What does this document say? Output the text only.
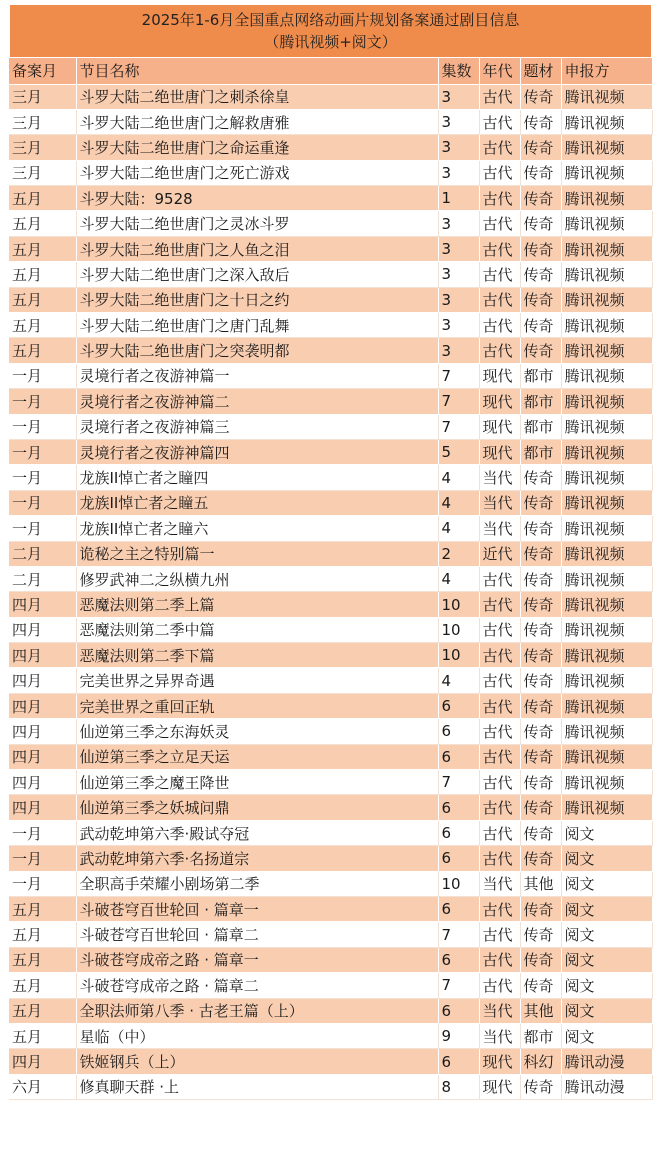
2025年1-6月全国重点网络动画片规划备案通过剧目信息
（腾讯视频+阅文）
备案月	节目名称	集数	年代	题材	申报方
三月	斗罗大陆二绝世唐门之刺杀徐皇	3	古代	传奇	腾讯视频
三月	斗罗大陆二绝世唐门之解救唐雅	3	古代	传奇	腾讯视频
三月	斗罗大陆二绝世唐门之命运重逢	3	古代	传奇	腾讯视频
三月	斗罗大陆二绝世唐门之死亡游戏	3	古代	传奇	腾讯视频
五月	斗罗大陆：9528	1	古代	传奇	腾讯视频
五月	斗罗大陆二绝世唐门之灵冰斗罗	3	古代	传奇	腾讯视频
五月	斗罗大陆二绝世唐门之人鱼之泪	3	古代	传奇	腾讯视频
五月	斗罗大陆二绝世唐门之深入敌后	3	古代	传奇	腾讯视频
五月	斗罗大陆二绝世唐门之十日之约	3	古代	传奇	腾讯视频
五月	斗罗大陆二绝世唐门之唐门乱舞	3	古代	传奇	腾讯视频
五月	斗罗大陆二绝世唐门之突袭明都	3	古代	传奇	腾讯视频
一月	灵境行者之夜游神篇一	7	现代	都市	腾讯视频
一月	灵境行者之夜游神篇二	7	现代	都市	腾讯视频
一月	灵境行者之夜游神篇三	7	现代	都市	腾讯视频
一月	灵境行者之夜游神篇四	5	现代	都市	腾讯视频
一月	龙族II悼亡者之瞳四	4	当代	传奇	腾讯视频
一月	龙族II悼亡者之瞳五	4	当代	传奇	腾讯视频
一月	龙族II悼亡者之瞳六	4	当代	传奇	腾讯视频
二月	诡秘之主之特别篇一	2	近代	传奇	腾讯视频
二月	修罗武神二之纵横九州	4	古代	传奇	腾讯视频
四月	恶魔法则第二季上篇	10	古代	传奇	腾讯视频
四月	恶魔法则第二季中篇	10	古代	传奇	腾讯视频
四月	恶魔法则第二季下篇	10	古代	传奇	腾讯视频
四月	完美世界之异界奇遇	4	古代	传奇	腾讯视频
四月	完美世界之重回正轨	6	古代	传奇	腾讯视频
四月	仙逆第三季之东海妖灵	6	古代	传奇	腾讯视频
四月	仙逆第三季之立足天运	6	古代	传奇	腾讯视频
四月	仙逆第三季之魔王降世	7	古代	传奇	腾讯视频
四月	仙逆第三季之妖城问鼎	6	古代	传奇	腾讯视频
一月	武动乾坤第六季·殿试夺冠	6	古代	传奇	阅文
一月	武动乾坤第六季·名扬道宗	6	古代	传奇	阅文
一月	全职高手荣耀小剧场第二季	10	当代	其他	阅文
五月	斗破苍穹百世轮回 · 篇章一	6	古代	传奇	阅文
五月	斗破苍穹百世轮回 · 篇章二	7	古代	传奇	阅文
五月	斗破苍穹成帝之路 · 篇章一	6	古代	传奇	阅文
五月	斗破苍穹成帝之路 · 篇章二	7	古代	传奇	阅文
五月	全职法师第八季 · 古老王篇（上）	6	当代	其他	阅文
五月	星临（中）	9	当代	都市	阅文
四月	铁姬钢兵（上）	6	现代	科幻	腾讯动漫
六月	修真聊天群 ·上	8	现代	传奇	腾讯动漫
